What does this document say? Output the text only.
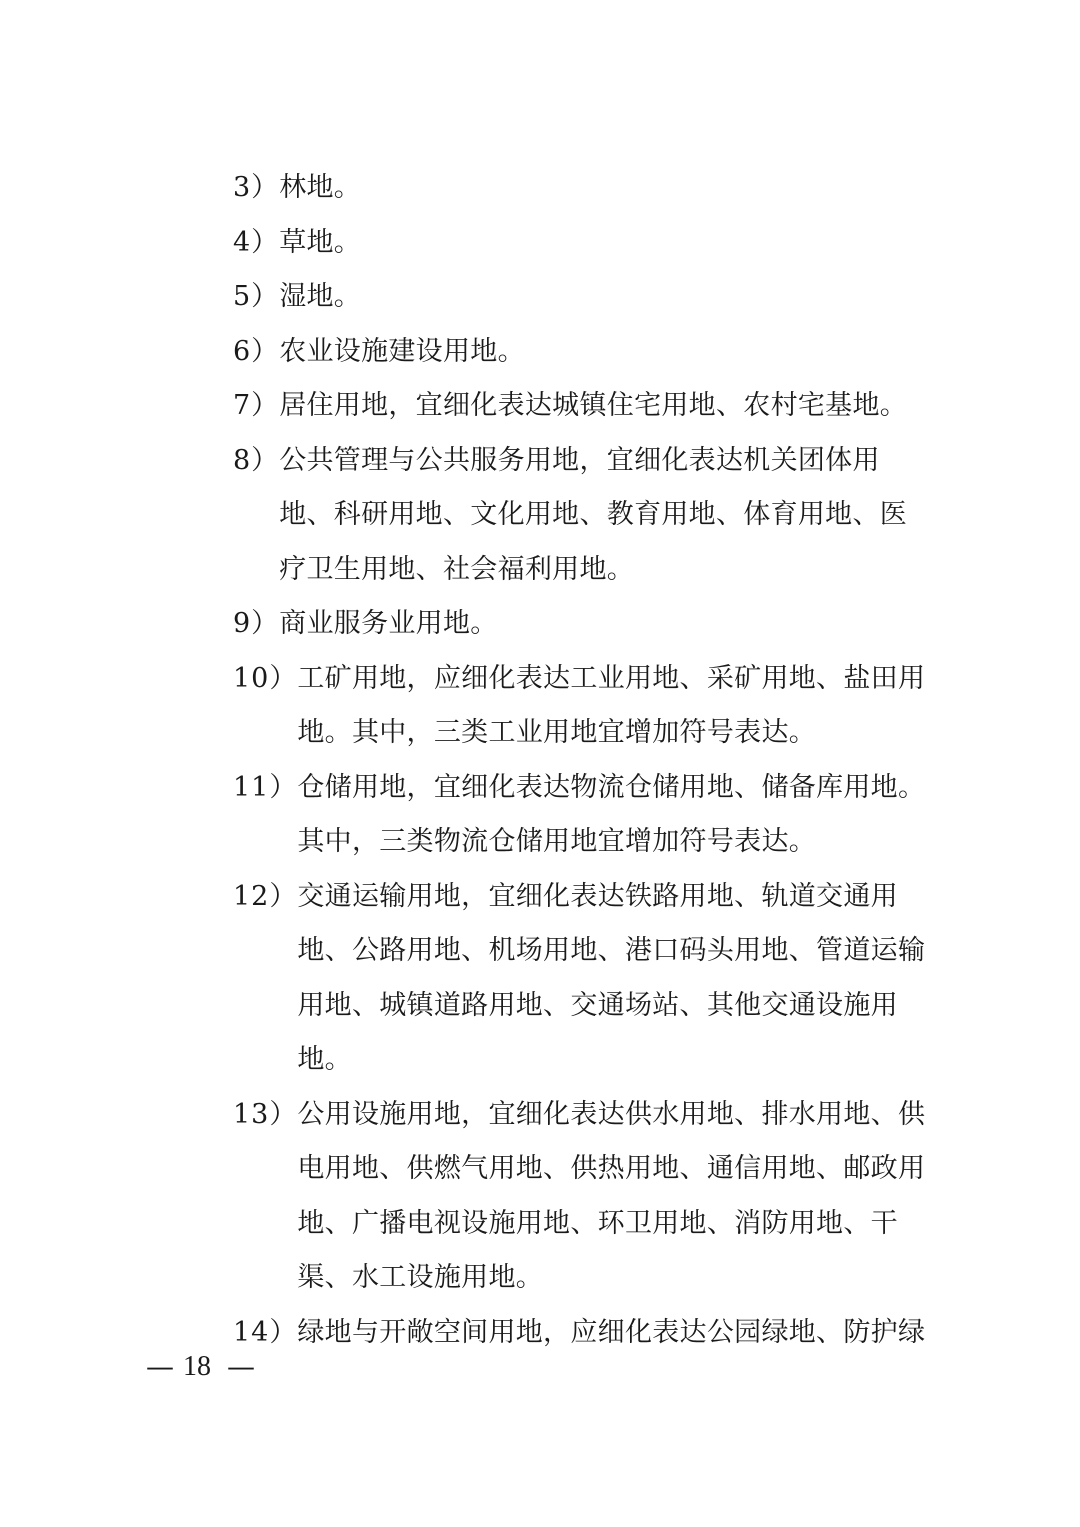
3） 林地。
4） 草地。
5） 湿地。
6） 农业设施建设用地。
7） 居住用地，宜细化表达城镇住宅用地、农村宅基地。
8） 公共管理与公共服务用地，宜细化表达机关团体用地、科研用地、文化用地、教育用地、体育用地、医疗卫生用地、社会福利用地。
9） 商业服务业用地。
10） 工矿用地，应细化表达工业用地、采矿用地、盐田用地。其中，三类工业用地宜增加符号表达。
11） 仓储用地，宜细化表达物流仓储用地、储备库用地。其中，三类物流仓储用地宜增加符号表达。
12） 交通运输用地，宜细化表达铁路用地、轨道交通用地、公路用地、机场用地、港口码头用地、管道运输用地、城镇道路用地、交通场站、其他交通设施用地。
13） 公用设施用地，宜细化表达供水用地、排水用地、供电用地、供燃气用地、供热用地、通信用地、邮政用地、广播电视设施用地、环卫用地、消防用地、干渠、水工设施用地。
14） 绿地与开敞空间用地，应细化表达公园绿地、防护绿
— 18 —
